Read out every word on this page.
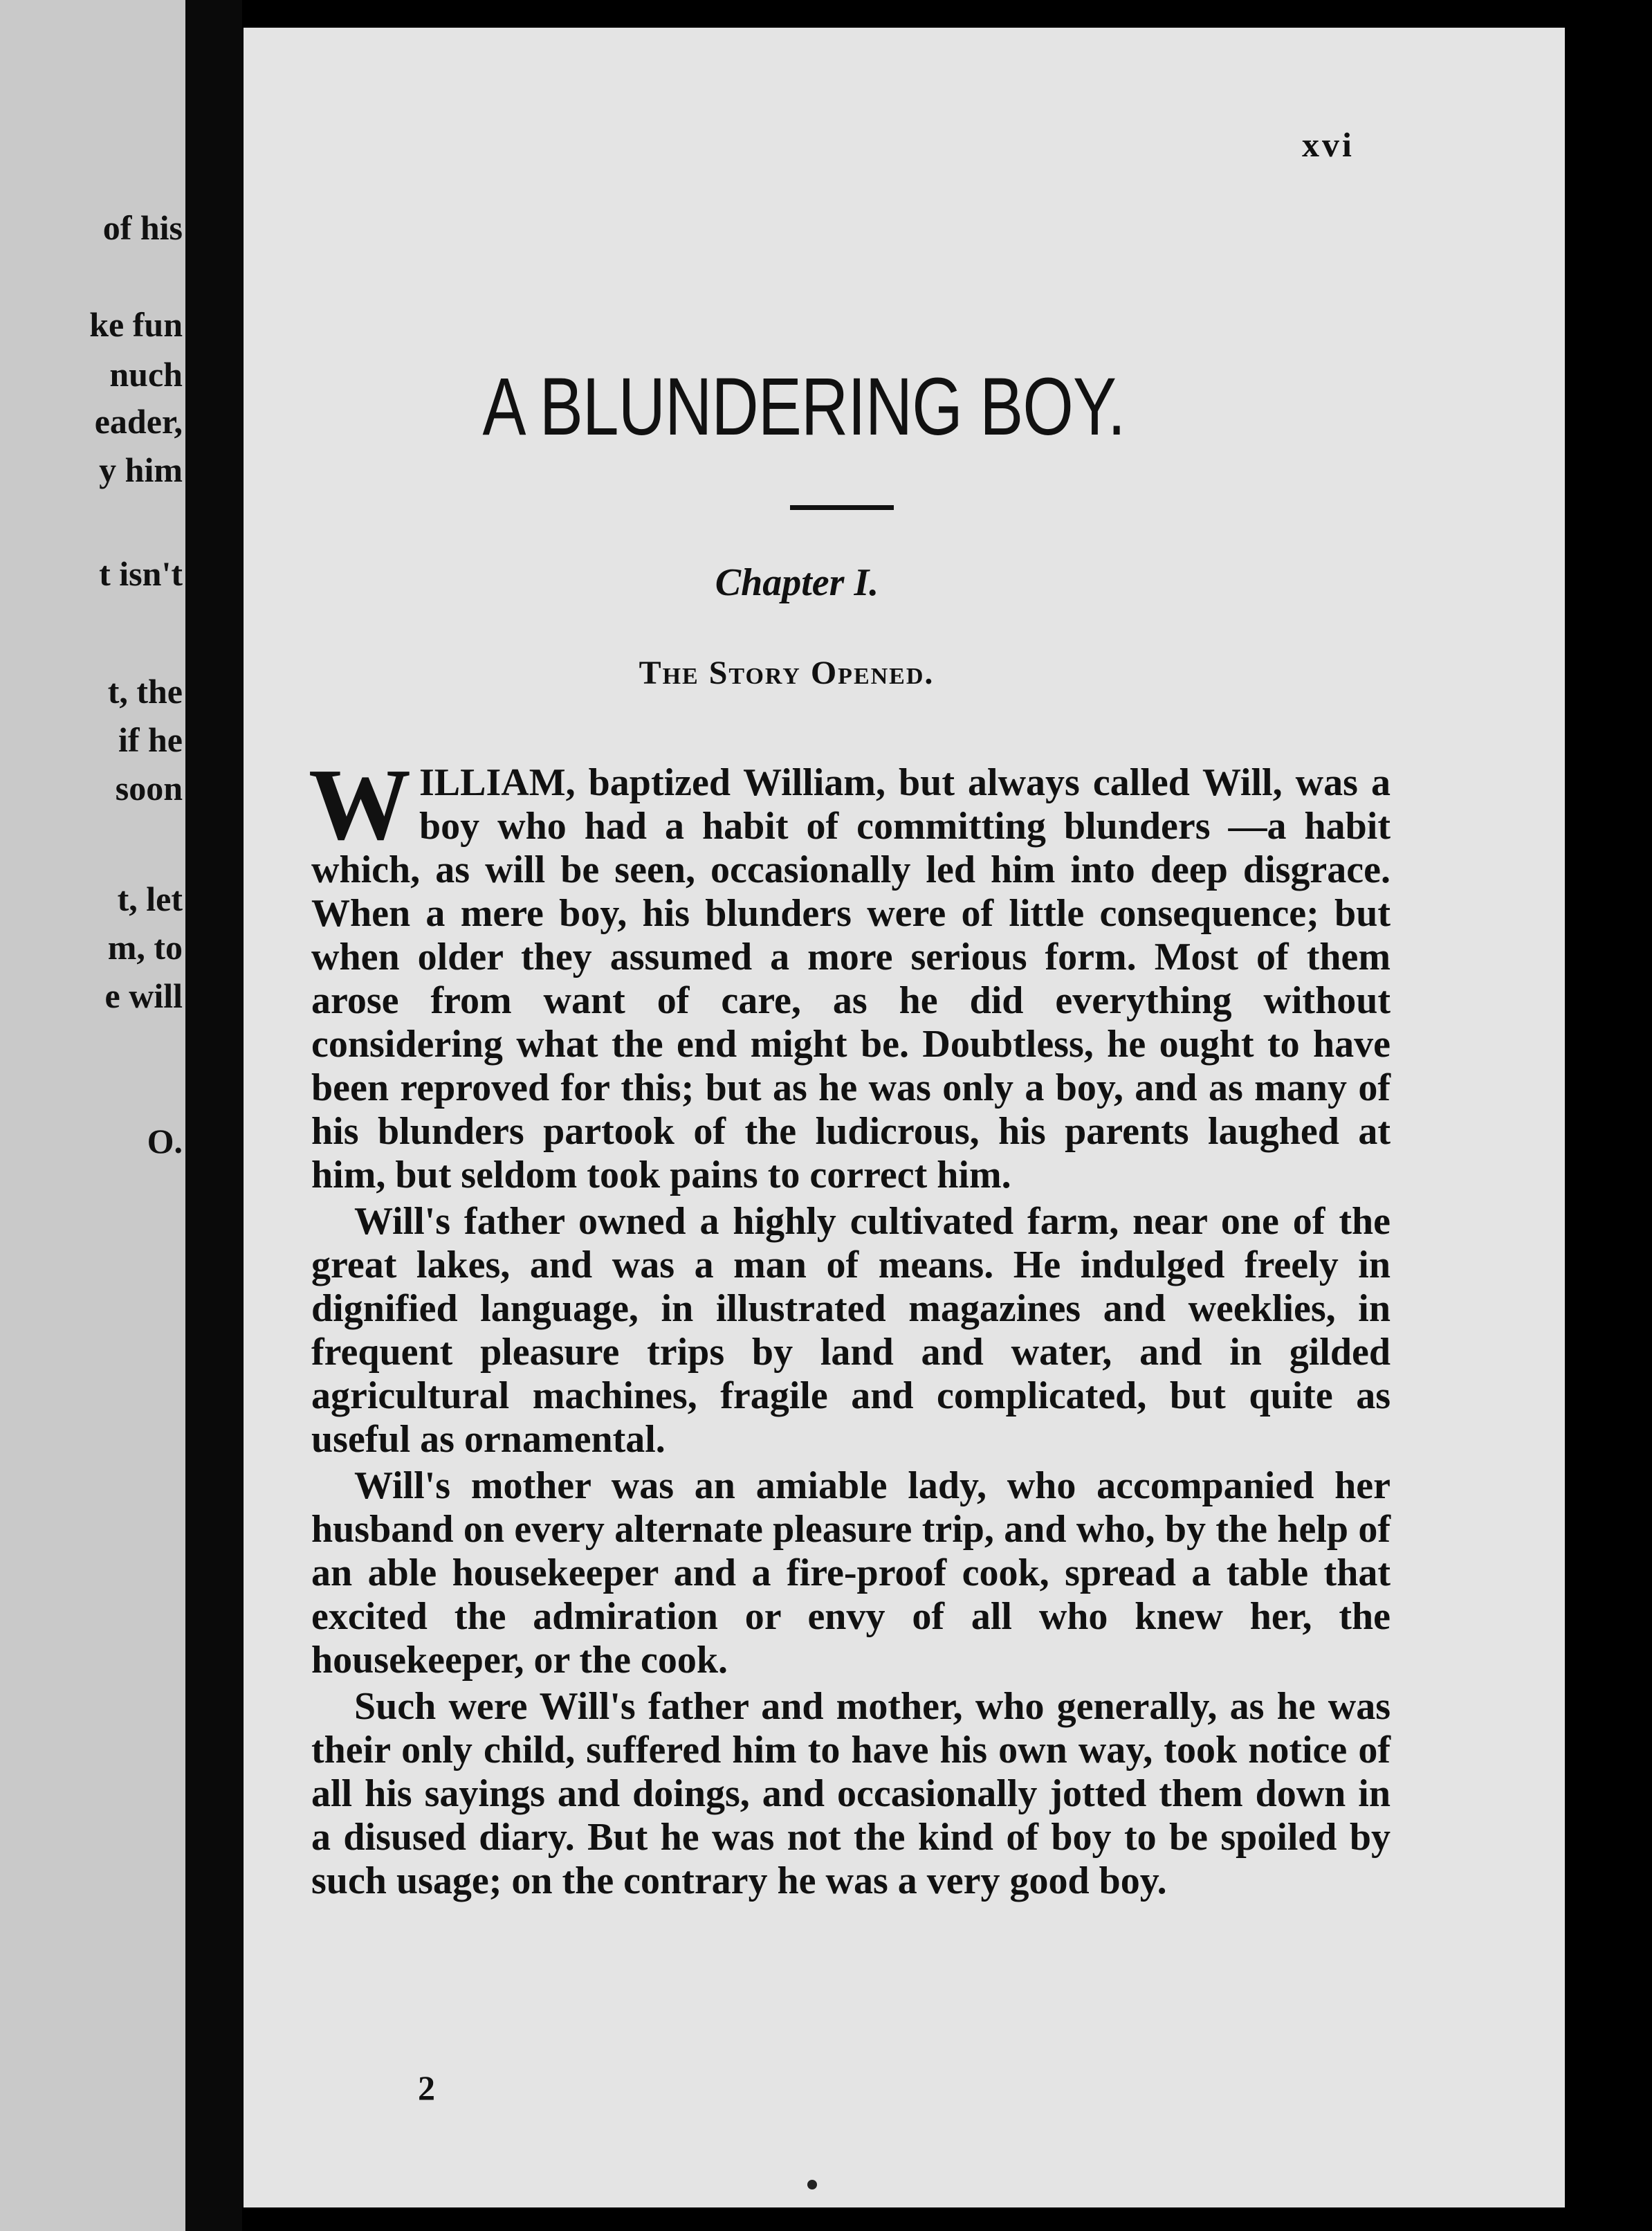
of his

ke fun

nuch

eader,

y him

t isn't

t, the

if he

soon

t, let

m, to

e will

O.

xvi
A BLUNDERING BOY.
Chapter I.
The Story Opened.

WILLIAM, baptized William, but always called Will, was a boy who had a habit of committing blunders —a habit which, as will be seen, occasionally led him into deep disgrace. When a mere boy, his blunders were of little consequence; but when older they assumed a more serious form. Most of them arose from want of care, as he did everything without considering what the end might be. Doubtless, he ought to have been reproved for this; but as he was only a boy, and as many of his blunders partook of the ludicrous, his parents laughed at him, but seldom took pains to correct him.

Will's father owned a highly cultivated farm, near one of the great lakes, and was a man of means. He indulged freely in dignified language, in illustrated magazines and weeklies, in frequent pleasure trips by land and water, and in gilded agricultural machines, fragile and complicated, but quite as useful as ornamental.

Will's mother was an amiable lady, who accompanied her husband on every alternate pleasure trip, and who, by the help of an able housekeeper and a fire-proof cook, spread a table that excited the admiration or envy of all who knew her, the housekeeper, or the cook.

Such were Will's father and mother, who generally, as he was their only child, suffered him to have his own way, took notice of all his sayings and doings, and occasionally jotted them down in a disused diary. But he was not the kind of boy to be spoiled by such usage; on the contrary he was a very good boy.

2
